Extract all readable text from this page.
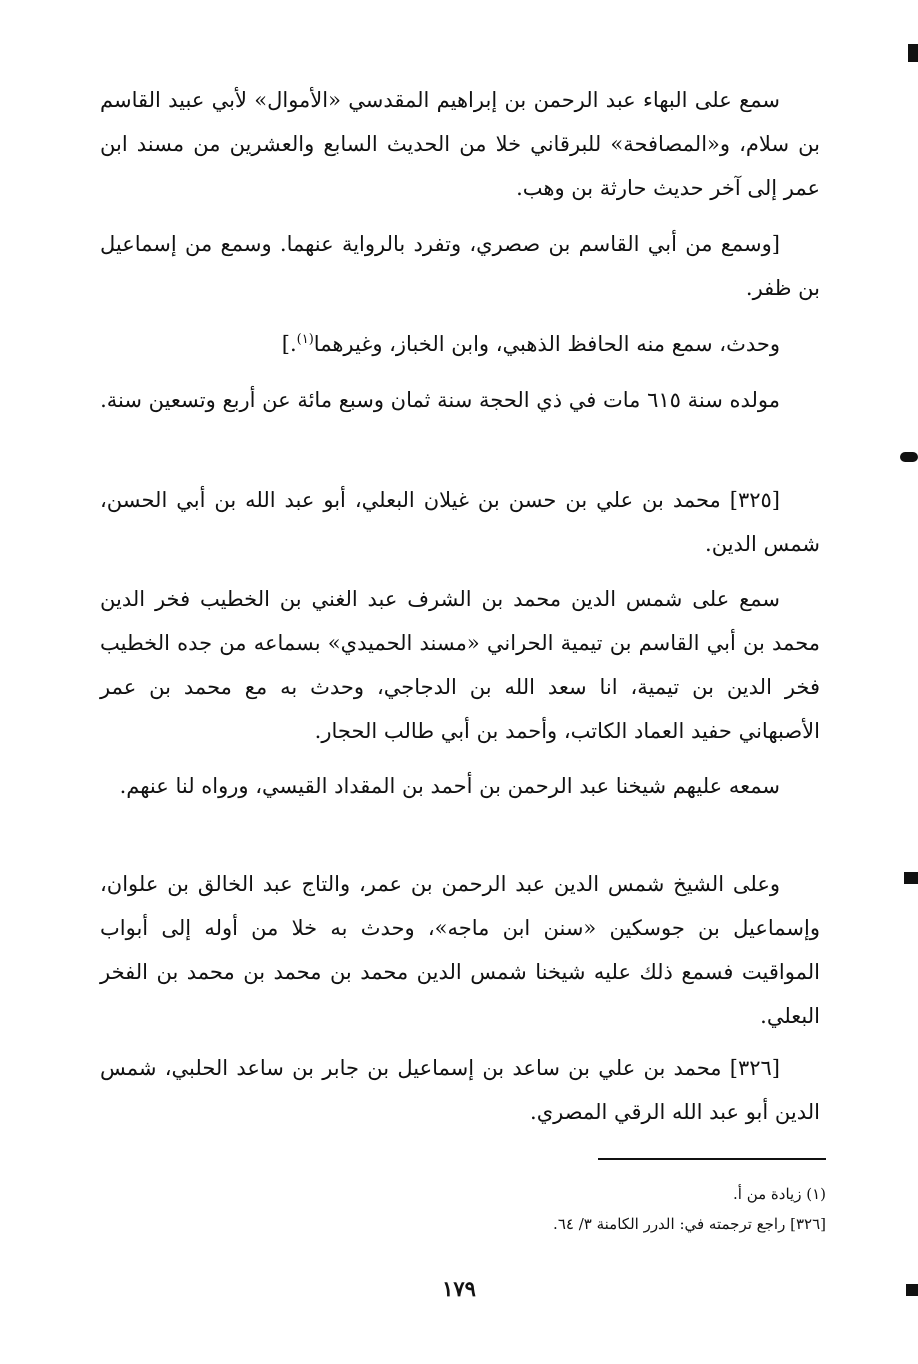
سمع على البهاء عبد الرحمن بن إبراهيم المقدسي «الأموال» لأبي عبيد القاسم بن سلام، و«المصافحة» للبرقاني خلا من الحديث السابع والعشرين من مسند ابن عمر إلى آخر حديث حارثة بن وهب.

[وسمع من أبي القاسم بن صصري، وتفرد بالرواية عنهما. وسمع من إسماعيل بن ظفر.

وحدث، سمع منه الحافظ الذهبي، وابن الخباز، وغيرهما$^{(١)}$.]

مولده سنة ٦١٥ مات في ذي الحجة سنة ثمان وسبع مائة عن أربع وتسعين سنة.

[٣٢٥] محمد بن علي بن حسن بن غيلان البعلي، أبو عبد الله بن أبي الحسن، شمس الدين.

سمع على شمس الدين محمد بن الشرف عبد الغني بن الخطيب فخر الدين محمد بن أبي القاسم بن تيمية الحراني «مسند الحميدي» بسماعه من جده الخطيب فخر الدين بن تيمية، انا سعد الله بن الدجاجي، وحدث به مع محمد بن عمر الأصبهاني حفيد العماد الكاتب، وأحمد بن أبي طالب الحجار.

سمعه عليهم شيخنا عبد الرحمن بن أحمد بن المقداد القيسي، ورواه لنا عنهم.

وعلى الشيخ شمس الدين عبد الرحمن بن عمر، والتاج عبد الخالق بن علوان، وإسماعيل بن جوسكين «سنن ابن ماجه»، وحدث به خلا من أوله إلى أبواب المواقيت فسمع ذلك عليه شيخنا شمس الدين محمد بن محمد بن محمد بن الفخر البعلي.

[٣٢٦] محمد بن علي بن ساعد بن إسماعيل بن جابر بن ساعد الحلبي، شمس الدين أبو عبد الله الرقي المصري.

(١) زيادة من أ.
[٣٢٦] راجع ترجمته في: الدرر الكامنة ٣/ ٦٤.
١٧٩
